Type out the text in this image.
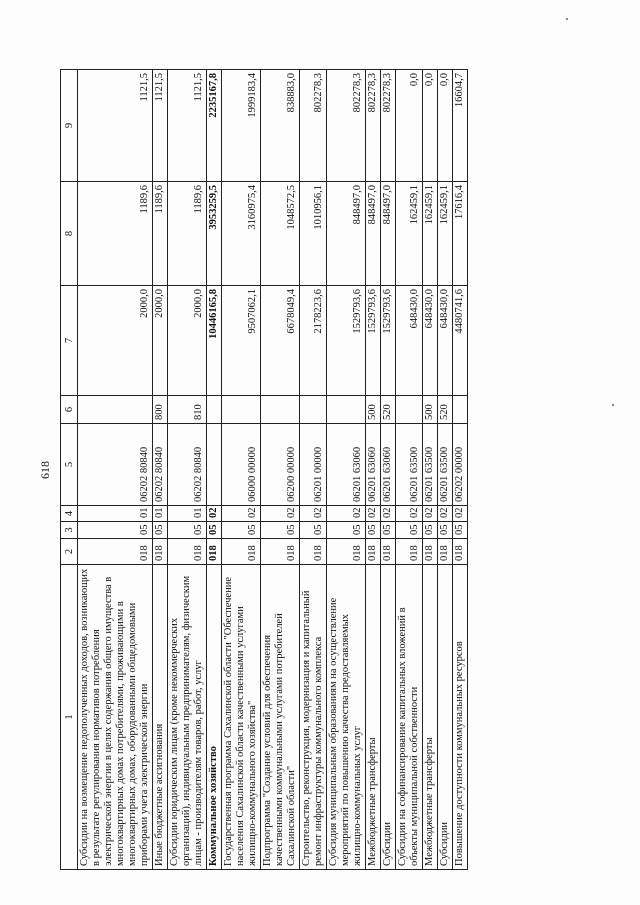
618
1	2	3	4	5	6	7	8	9
Субсидии на возмещение недополученных доходов, возникающих в результате регулирования нормативов потребления электрической энергии в целях содержания общего имущества в многоквартирных домах потребителями, проживающими в многоквартирных домах, оборудованными общедомовыми приборами учета электрической энергии	018	05	01	06202 80840		2000,0	1189,6	1121,5
Иные бюджетные ассигнования	018	05	01	06202 80840	800	2000,0	1189,6	1121,5
Субсидии юридическим лицам (кроме некоммерческих организаций), индивидуальным предпринимателям, физическим лицам - производителям товаров, работ, услуг	018	05	01	06202 80840	810	2000,0	1189,6	1121,5
Коммунальное хозяйство	018	05	02			10446165,8	3953259,5	2235167,8
Государственная программа Сахалинской области "Обеспечение населения Сахалинской области качественными услугами жилищно-коммунального хозяйства"	018	05	02	06000 00000		9507062,1	3160975,4	1999183,4
Подпрограмма "Создание условий для обеспечения качественными коммунальными услугами потребителей Сахалинской области"	018	05	02	06200 00000		6678049,4	1048572,5	838883,0
Строительство, реконструкция, модернизация и капитальный ремонт инфраструктуры коммунального комплекса	018	05	02	06201 00000		2178223,6	1010956,1	802278,3
Субсидия муниципальным образованиям на осуществление мероприятий по повышению качества предоставляемых жилищно-коммунальных услуг	018	05	02	06201 63060		1529793,6	848497,0	802278,3
Межбюджетные трансферты	018	05	02	06201 63060	500	1529793,6	848497,0	802278,3
Субсидии	018	05	02	06201 63060	520	1529793,6	848497,0	802278,3
Субсидии на софинансирование капитальных вложений в объекты муниципальной собственности	018	05	02	06201 63500		648430,0	162459,1	0,0
Межбюджетные трансферты	018	05	02	06201 63500	500	648430,0	162459,1	0,0
Субсидии	018	05	02	06201 63500	520	648430,0	162459,1	0,0
Повышение доступности коммунальных ресурсов	018	05	02	06202 00000		4480741,6	17616,4	16604,7
